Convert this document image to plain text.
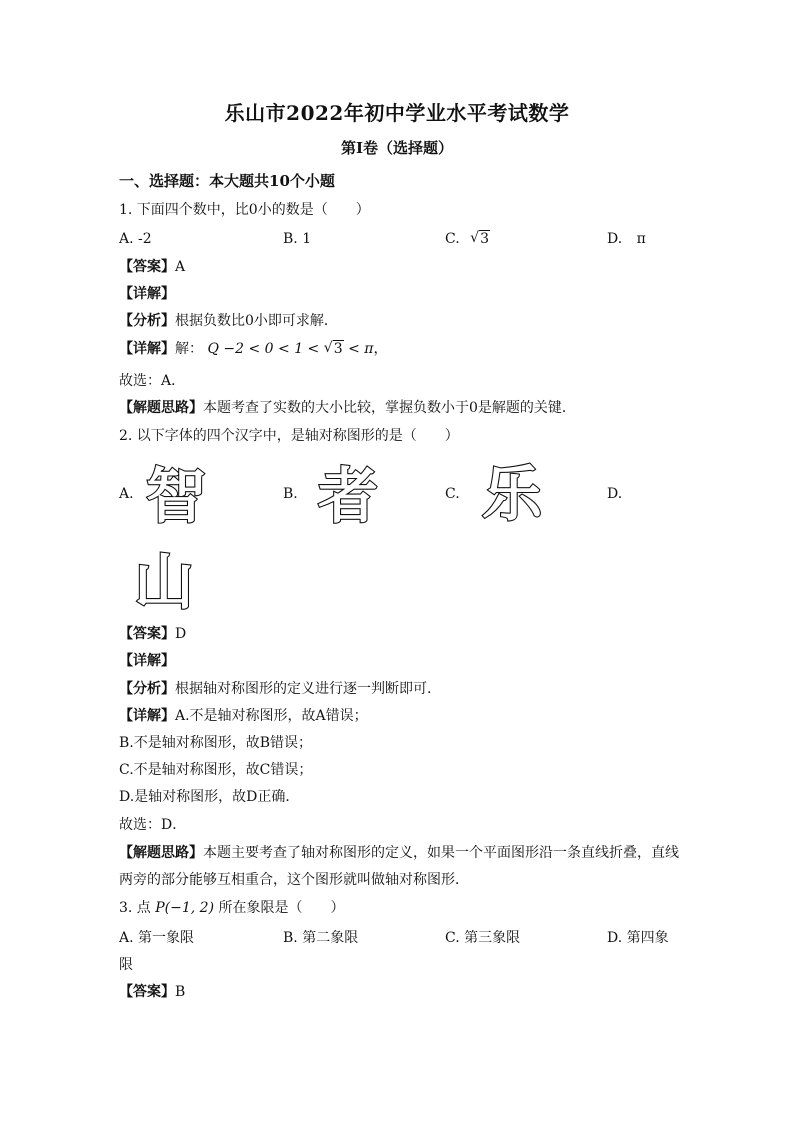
乐山市2022年初中学业水平考试数学
第Ⅰ卷（选择题）
一、选择题：本大题共10个小题
1. 下面四个数中，比0小的数是（　　）
A. -2	B. 1	C. √ 3	D. π
【答案】A
【详解】
【分析】根据负数比0小即可求解．
【详解】解： Q −2 < 0 < 1 < √ 3 < π，
故选：A．
【解题思路】本题考查了实数的大小比较，掌握负数小于0是解题的关键．
2. 以下字体的四个汉字中，是轴对称图形的是（　　）
A.	B.	C.	D.
智 者 乐
山
【答案】D
【详解】
【分析】根据轴对称图形的定义进行逐一判断即可.
【详解】A.不是轴对称图形，故A错误；
B.不是轴对称图形，故B错误；
C.不是轴对称图形，故C错误；
D.是轴对称图形，故D正确．
故选：D．
【解题思路】本题主要考查了轴对称图形的定义，如果一个平面图形沿一条直线折叠，直线
两旁的部分能够互相重合，这个图形就叫做轴对称图形．
3. 点 P(−1, 2) 所在象限是（　　）
A. 第一象限	B. 第二象限	C. 第三象限	D. 第四象
限
【答案】B
